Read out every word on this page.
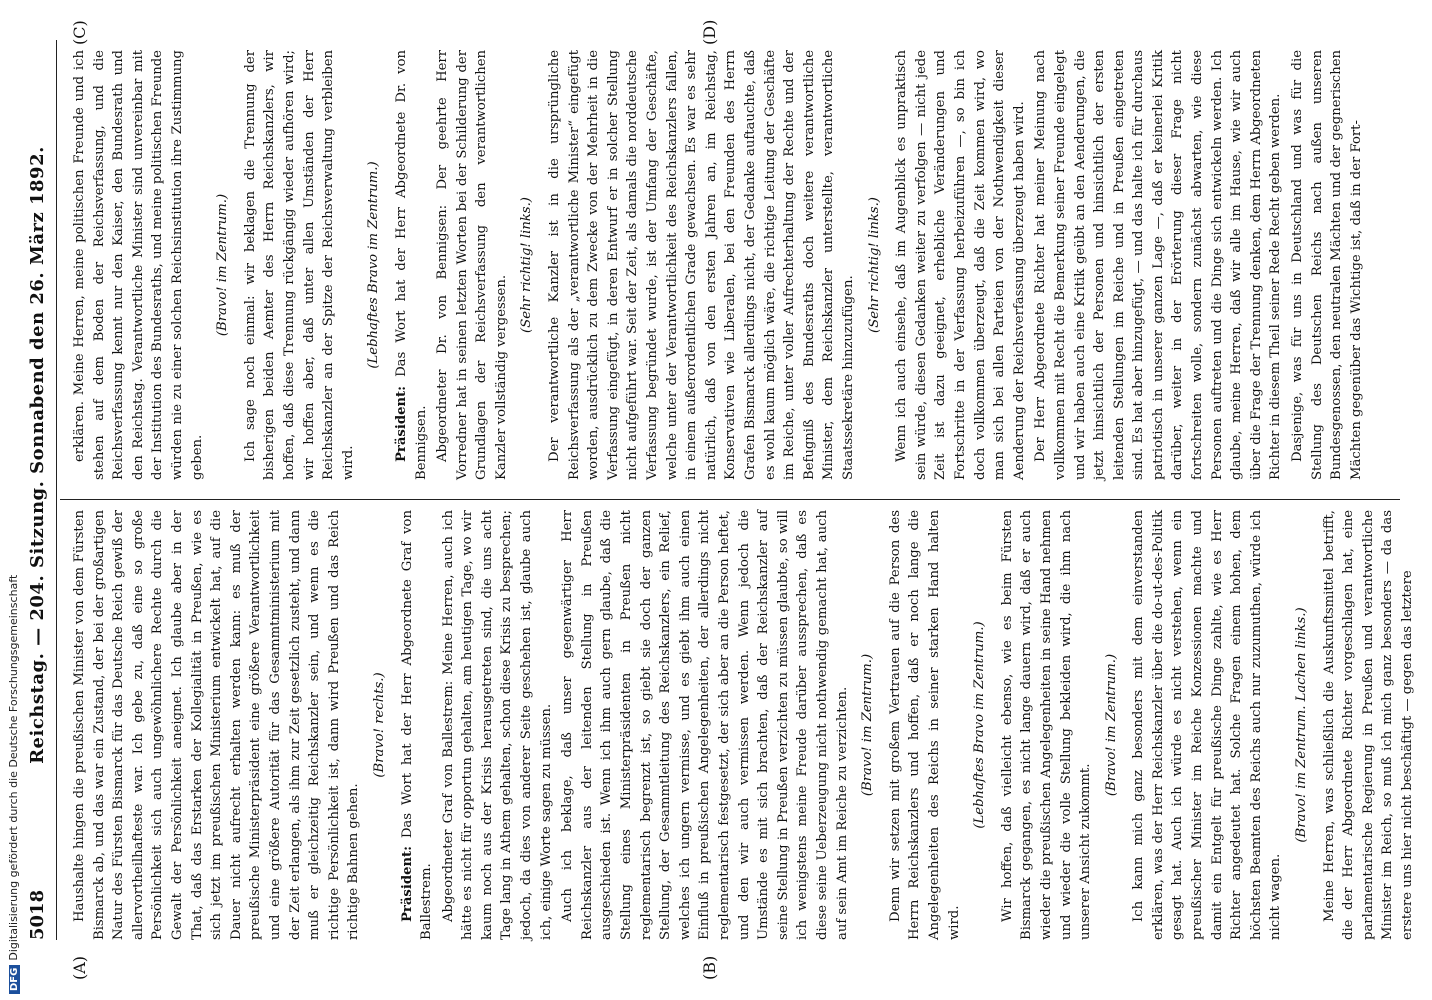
5018
Reichstag. — 204. Sitzung. Sonnabend den 26. März 1892.
(A)	(B)
(C)	(D)

Haushalte hingen die preußischen Minister von dem Fürsten Bismarck ab, und das war ein Zustand, der bei der großartigen Natur des Fürsten Bismarck für das Deutsche Reich gewiß der allervortheilhafteste war. Ich gebe zu, daß eine so große Persönlichkeit sich auch ungewöhnlichere Rechte durch die Gewalt der Persönlichkeit aneignet. Ich glaube aber in der That, daß das Erstarken der Kollegialität in Preußen, wie es sich jetzt im preußischen Ministerium entwickelt hat, auf die Dauer nicht aufrecht erhalten werden kann: es muß der preußische Ministerpräsident eine größere Verantwortlichkeit und eine größere Autorität für das Gesammtministerium mit der Zeit erlangen, als ihm zur Zeit gesetzlich zusteht, und dann muß er gleichzeitig Reichskanzler sein, und wenn es die richtige Persönlichkeit ist, dann wird Preußen und das Reich richtige Bahnen gehen.

(Bravo! rechts.)

Präsident: Das Wort hat der Herr Abgeordnete Graf von Ballestrem. Abgeordneter Graf von Ballestrem: Meine Herren, auch ich hätte es nicht für opportun gehalten, am heutigen Tage, wo wir kaum noch aus der Krisis herausgetreten sind, die uns acht Tage lang in Athem gehalten, schon diese Krisis zu besprechen; jedoch, da dies von anderer Seite geschehen ist, glaube auch ich, einige Worte sagen zu müssen. Auch ich beklage, daß unser gegenwärtiger Herr Reichskanzler aus der leitenden Stellung in Preußen ausgeschieden ist. Wenn ich ihm auch gern glaube, daß die Stellung eines Ministerpräsidenten in Preußen nicht reglementarisch begrenzt ist, so giebt sie doch der ganzen Stellung, der Gesammtleitung des Reichskanzlers, ein Relief, welches ich ungern vermisse, und es giebt ihm auch einen Einfluß in preußischen Angelegenheiten, der allerdings nicht reglementarisch festgesetzt, der sich aber an die Person heftet, und den wir auch vermissen werden. Wenn jedoch die Umstände es mit sich brachten, daß der Reichskanzler auf seine Stellung in Preußen verzichten zu müssen glaubte, so will ich wenigstens meine Freude darüber aussprechen, daß es diese seine Ueberzeugung nicht nothwendig gemacht hat, auch auf sein Amt im Reiche zu verzichten. (Bravo! im Zentrum.) Denn wir setzen mit großem Vertrauen auf die Person des Herrn Reichskanzlers und hoffen, daß er noch lange die Angelegenheiten des Reichs in seiner starken Hand halten wird.

(Lebhaftes Bravo im Zentrum.) Wir hoffen, daß vielleicht ebenso, wie es beim Fürsten Bismarck gegangen, es nicht lange dauern wird, daß er auch wieder die preußischen Angelegenheiten in seine Hand nehmen und wieder die volle Stellung bekleiden wird, die ihm nach unserer Ansicht zukommt.

(Bravo! im Zentrum.) Ich kann mich ganz besonders mit dem einverstanden erklären, was der Herr Reichskanzler über die do-ut-des-Politik gesagt hat. Auch ich würde es nicht verstehen, wenn ein preußischer Minister im Reiche Konzessionen machte und damit ein Entgelt für preußische Dinge zahlte, wie es Herr Richter angedeutet hat. Solche Fragen einem hohen, dem höchsten Beamten des Reichs auch nur zuzumuthen, würde ich nicht wagen.

(Bravo! im Zentrum. Lachen links.) Meine Herren, was schließlich die Auskunftsmittel betrifft, die der Herr Abgeordnete Richter vorgeschlagen hat, eine parlamentarische Regierung in Preußen und verantwortliche Minister im Reich, so muß ich mich ganz besonders — da das erstere uns hier nicht beschäftigt — gegen das letztere

erklären. Meine Herren, meine politischen Freunde und ich stehen auf dem Boden der Reichsverfassung, und die Reichsverfassung kennt nur den Kaiser, den Bundesrath und den Reichstag. Verantwortliche Minister sind unvereinbar mit der Institution des Bundesraths, und meine politischen Freunde würden nie zu einer solchen Reichsinstitution ihre Zustimmung geben.

(Bravo! im Zentrum.) Ich sage noch einmal: wir beklagen die Trennung der bisherigen beiden Aemter des Herrn Reichskanzlers, wir hoffen, daß diese Trennung rückgängig wieder aufhören wird; wir hoffen aber, daß unter allen Umständen der Herr Reichskanzler an der Spitze der Reichsverwaltung verbleiben wird.

(Lebhaftes Bravo im Zentrum.)

Präsident: Das Wort hat der Herr Abgeordnete Dr. von Bennigsen. Abgeordneter Dr. von Bennigsen: Der geehrte Herr Vorredner hat in seinen letzten Worten bei der Schilderung der Grundlagen der Reichsverfassung den verantwortlichen Kanzler vollständig vergessen.

(Sehr richtig! links.) Der verantwortliche Kanzler ist in die ursprüngliche Reichsverfassung als der „verantwortliche Minister“ eingefügt worden, ausdrücklich zu dem Zwecke von der Mehrheit in die Verfassung eingefügt, in deren Entwurf er in solcher Stellung nicht aufgeführt war. Seit der Zeit, als damals die norddeutsche Verfassung begründet wurde, ist der Umfang der Geschäfte, welche unter der Verantwortlichkeit des Reichskanzlers fallen, in einem außerordentlichen Grade gewachsen. Es war es sehr natürlich, daß von den ersten Jahren an, im Reichstag, Konservativen wie Liberalen, bei den Freunden des Herrn Grafen Bismarck allerdings nicht, der Gedanke auftauchte, daß es wohl kaum möglich wäre, die richtige Leitung der Geschäfte im Reiche, unter voller Aufrechterhaltung der Rechte und der Befugniß des Bundesraths doch weitere verantwortliche Minister, dem Reichskanzler unterstellte, verantwortliche Staatssekretäre hinzuzufügen.

(Sehr richtig! links.) Wenn ich auch einsehe, daß im Augenblick es unpraktisch sein würde, diesen Gedanken weiter zu verfolgen — nicht jede Zeit ist dazu geeignet, erhebliche Veränderungen und Fortschritte in der Verfassung herbeizuführen —, so bin ich doch vollkommen überzeugt, daß die Zeit kommen wird, wo man sich bei allen Parteien von der Nothwendigkeit dieser Aenderung der Reichsverfassung überzeugt haben wird. Der Herr Abgeordnete Richter hat meiner Meinung nach vollkommen mit Recht die Bemerkung seiner Freunde eingelegt und wir haben auch eine Kritik geübt an den Aenderungen, die jetzt hinsichtlich der Personen und hinsichtlich der ersten leitenden Stellungen im Reiche und in Preußen eingetreten sind. Es hat aber hinzugefügt, — und das halte ich für durchaus patriotisch in unserer ganzen Lage —, daß er keinerlei Kritik darüber, weiter in der Erörterung dieser Frage nicht fortschreiten wolle, sondern zunächst abwarten, wie diese Personen auftreten und die Dinge sich entwickeln werden. Ich glaube, meine Herren, daß wir alle im Hause, wie wir auch über die Frage der Trennung denken, dem Herrn Abgeordneten Richter in diesem Theil seiner Rede Recht geben werden. Dasjenige, was für uns in Deutschland und was für die Stellung des Deutschen Reichs nach außen unseren Bundesgenossen, den neutralen Mächten und der gegnerischen Mächten gegenüber das Wichtige ist, daß in der Fort-

DFGDigitalisierung gefördert durch die Deutsche Forschungsgemeinschaft
